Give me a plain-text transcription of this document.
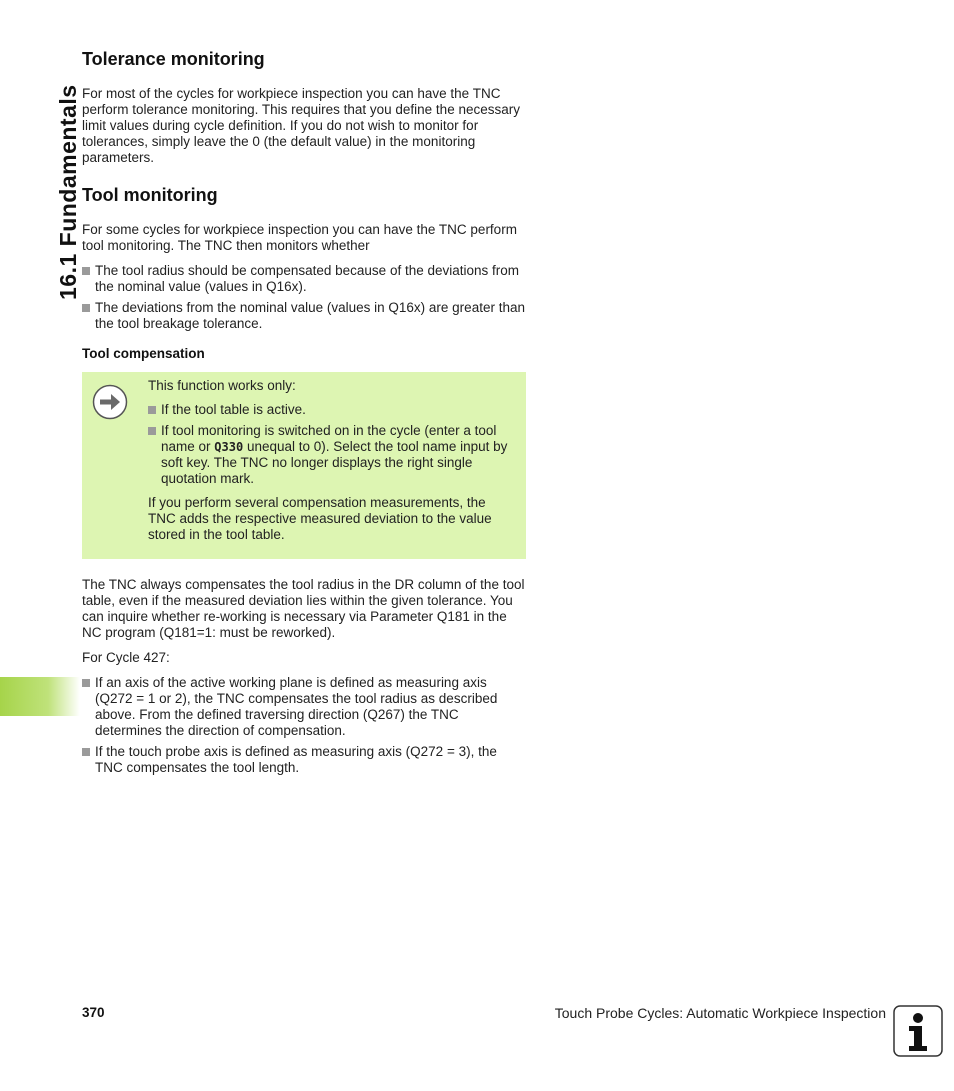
16.1 Fundamentals
Tolerance monitoring

For most of the cycles for workpiece inspection you can have the TNC perform tolerance monitoring. This requires that you define the necessary limit values during cycle definition. If you do not wish to monitor for tolerances, simply leave the 0 (the default value) in the monitoring parameters.

Tool monitoring

For some cycles for workpiece inspection you can have the TNC perform tool monitoring. The TNC then monitors whether

The tool radius should be compensated because of the deviations from the nominal value (values in Q16x).
The deviations from the nominal value (values in Q16x) are greater than the tool breakage tolerance.
Tool compensation

This function works only:

If the tool table is active.
If tool monitoring is switched on in the cycle (enter a tool name or Q330 unequal to 0). Select the tool name input by soft key. The TNC no longer displays the right single quotation mark.

If you perform several compensation measurements, the TNC adds the respective measured deviation to the value stored in the tool table.

The TNC always compensates the tool radius in the DR column of the tool table, even if the measured deviation lies within the given tolerance. You can inquire whether re-working is necessary via Parameter Q181 in the NC program (Q181=1: must be reworked).

For Cycle 427:

If an axis of the active working plane is defined as measuring axis (Q272 = 1 or 2), the TNC compensates the tool radius as described above. From the defined traversing direction (Q267) the TNC determines the direction of compensation.
If the touch probe axis is defined as measuring axis (Q272 = 3), the TNC compensates the tool length.
370	Touch Probe Cycles: Automatic Workpiece Inspection
